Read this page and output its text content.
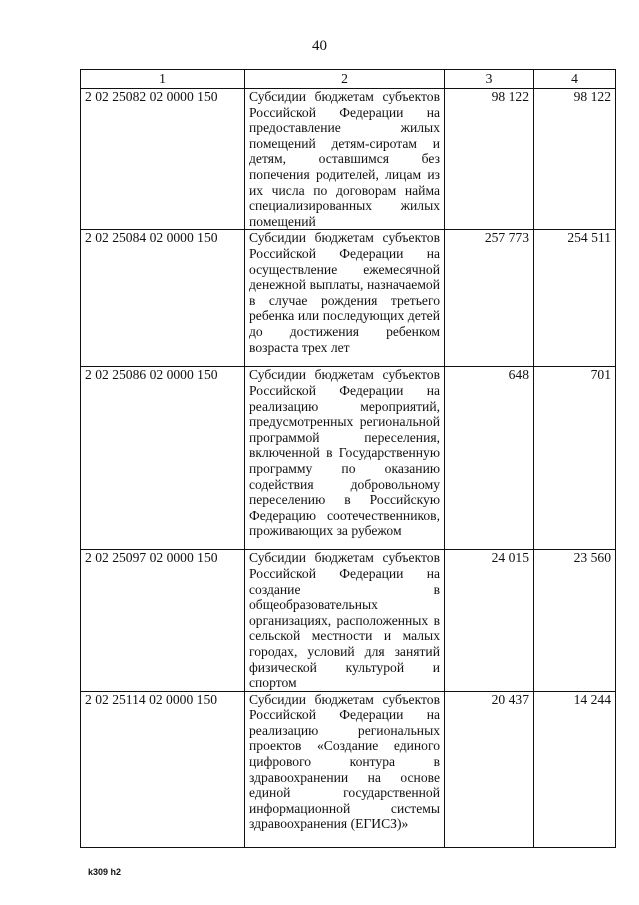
40
1	2	3	4
2 02 25082 02 0000 150	Субсидии бюджетам субъектов Российской Федерации на предоставление жилых помещений детям-сиротам и детям, оставшимся без попечения родителей, лицам из их числа по договорам найма специализированных жилых помещений	98 122	98 122
2 02 25084 02 0000 150	Субсидии бюджетам субъектов Российской Федерации на осуществление ежемесячной денежной выплаты, назначаемой в случае рождения третьего ребенка или последующих детей до достижения ребенком возраста трех лет	257 773	254 511
2 02 25086 02 0000 150	Субсидии бюджетам субъектов Российской Федерации на реализацию мероприятий, предусмотренных региональной программой переселения, включенной в Государственную программу по оказанию содействия добровольному переселению в Российскую Федерацию соотечественников, проживающих за рубежом	648	701
2 02 25097 02 0000 150	Субсидии бюджетам субъектов Российской Федерации на создание в общеобразовательных организациях, расположенных в сельской местности и малых городах, условий для занятий физической культурой и спортом	24 015	23 560
2 02 25114 02 0000 150	Субсидии бюджетам субъектов Российской Федерации на реализацию региональных проектов «Создание единого цифрового контура в здравоохранении на основе единой государственной информационной системы здравоохранения (ЕГИСЗ)»	20 437	14 244
k309 h2
